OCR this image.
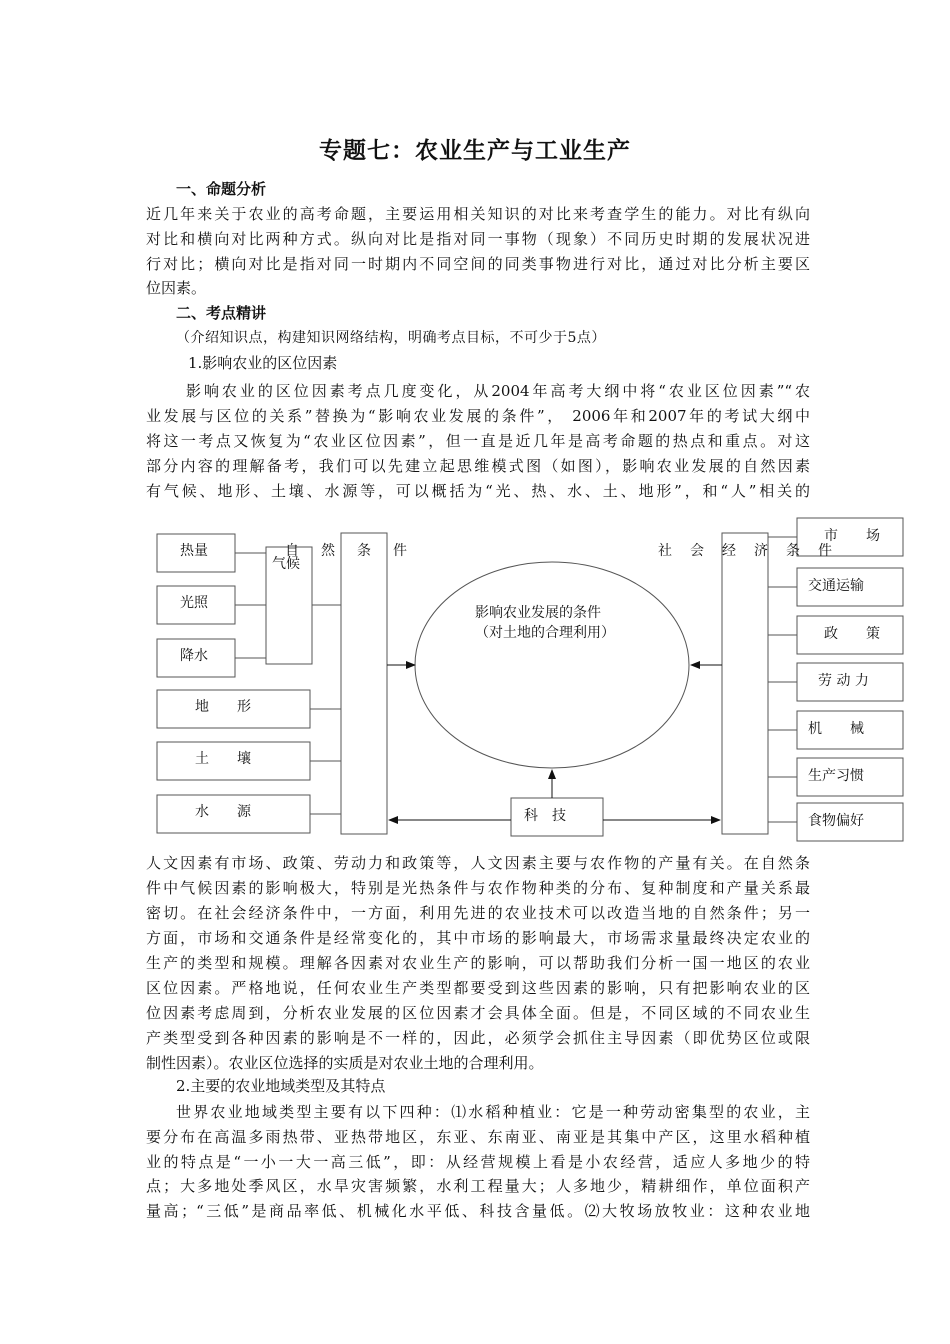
专题七：农业生产与工业生产
一、命题分析
近几年来关于农业的高考命题，主要运用相关知识的对比来考查学生的能力。对比有纵向
对比和横向对比两种方式。纵向对比是指对同一事物（现象）不同历史时期的发展状况进
行对比；横向对比是指对同一时期内不同空间的同类事物进行对比，通过对比分析主要区
位因素。
二、考点精讲
（介绍知识点，构建知识网络结构，明确考点目标，不可少于5点）
1.影响农业的区位因素
影响农业的区位因素考点几度变化，从2004年高考大纲中将“农业区位因素”“农
业发展与区位的关系”替换为“影响农业发展的条件”， 2006年和2007年的考试大纲中
将这一考点又恢复为“农业区位因素”，但一直是近几年是高考命题的热点和重点。对这
部分内容的理解备考，我们可以先建立起思维模式图（如图），影响农业发展的自然因素
有气候、地形、土壤、水源等，可以概括为“光、热、水、土、地形”，和“人”相关的
自　然　条　件	社　会　经　济　条　件
气候
热量
光照
降水
地　　形
土　　壤
水　　源
影响农业发展的条件
（对土地的合理利用）
科　技
市　　场
交通运输
政　　策
劳 动 力
机　　械
生产习惯
食物偏好
人文因素有市场、政策、劳动力和政策等，人文因素主要与农作物的产量有关。在自然条
件中气候因素的影响极大，特别是光热条件与农作物种类的分布、复种制度和产量关系最
密切。在社会经济条件中，一方面，利用先进的农业技术可以改造当地的自然条件；另一
方面，市场和交通条件是经常变化的，其中市场的影响最大，市场需求量最终决定农业的
生产的类型和规模。理解各因素对农业生产的影响，可以帮助我们分析一国一地区的农业
区位因素。严格地说，任何农业生产类型都要受到这些因素的影响，只有把影响农业的区
位因素考虑周到，分析农业发展的区位因素才会具体全面。但是，不同区域的不同农业生
产类型受到各种因素的影响是不一样的，因此，必须学会抓住主导因素（即优势区位或限
制性因素）。农业区位选择的实质是对农业土地的合理利用。
2.主要的农业地域类型及其特点
世界农业地域类型主要有以下四种：⑴水稻种植业：它是一种劳动密集型的农业，主
要分布在高温多雨热带、亚热带地区，东亚、东南亚、南亚是其集中产区，这里水稻种植
业的特点是“一小一大一高三低”，即：从经营规模上看是小农经营，适应人多地少的特
点；大多地处季风区，水旱灾害频繁，水利工程量大；人多地少，精耕细作，单位面积产
量高；“三低”是商品率低、机械化水平低、科技含量低。⑵大牧场放牧业：这种农业地
